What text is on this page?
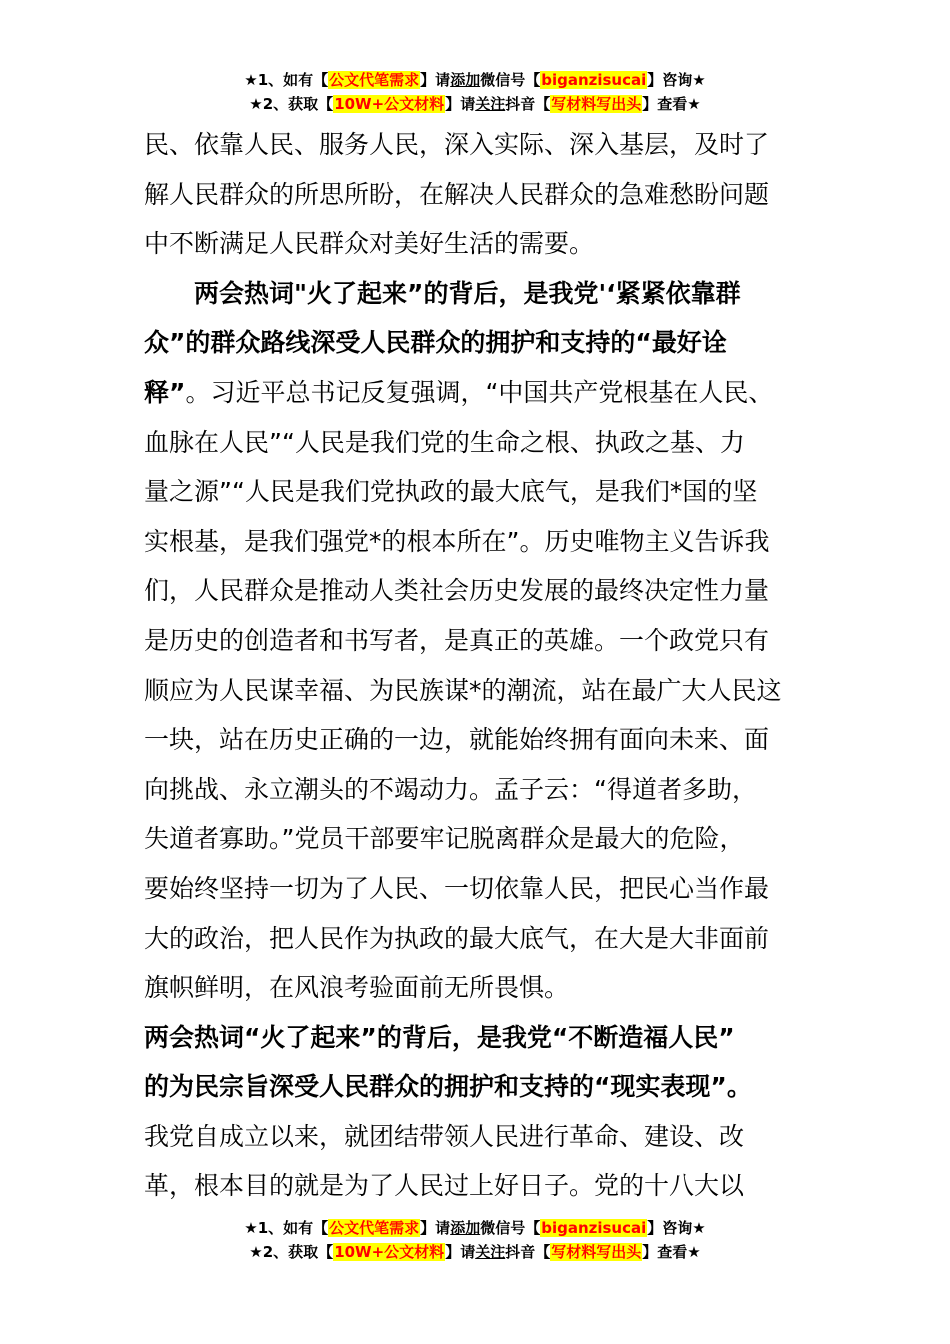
★1、如有【公文代笔需求】请添加微信号【biganzisucai】咨询★
★2、获取【10W+公文材料】请关注抖音【写材料写出头】查看★
民、依靠人民、服务人民，深入实际、深入基层，及时了
解人民群众的所思所盼，在解决人民群众的急难愁盼问题
中不断满足人民群众对美好生活的需要。
　　两会热词"火了起来”的背后，是我党'‘紧紧依靠群
众”的群众路线深受人民群众的拥护和支持的“最好诠
释”。习近平总书记反复强调，“中国共产党根基在人民、
血脉在人民”“人民是我们党的生命之根、执政之基、力
量之源”“人民是我们党执政的最大底气，是我们*国的坚
实根基，是我们强党*的根本所在”。历史唯物主义告诉我
们，人民群众是推动人类社会历史发展的最终决定性力量
是历史的创造者和书写者，是真正的英雄。一个政党只有
顺应为人民谋幸福、为民族谋*的潮流，站在最广大人民这
一块，站在历史正确的一边，就能始终拥有面向未来、面
向挑战、永立潮头的不竭动力。孟子云：“得道者多助，
失道者寡助。”党员干部要牢记脱离群众是最大的危险，
要始终坚持一切为了人民、一切依靠人民，把民心当作最
大的政治，把人民作为执政的最大底气，在大是大非面前
旗帜鲜明，在风浪考验面前无所畏惧。
两会热词“火了起来”的背后，是我党“不断造福人民”
的为民宗旨深受人民群众的拥护和支持的“现实表现”。
我党自成立以来，就团结带领人民进行革命、建设、改
革，根本目的就是为了人民过上好日子。党的十八大以
★1、如有【公文代笔需求】请添加微信号【biganzisucai】咨询★
★2、获取【10W+公文材料】请关注抖音【写材料写出头】查看★
